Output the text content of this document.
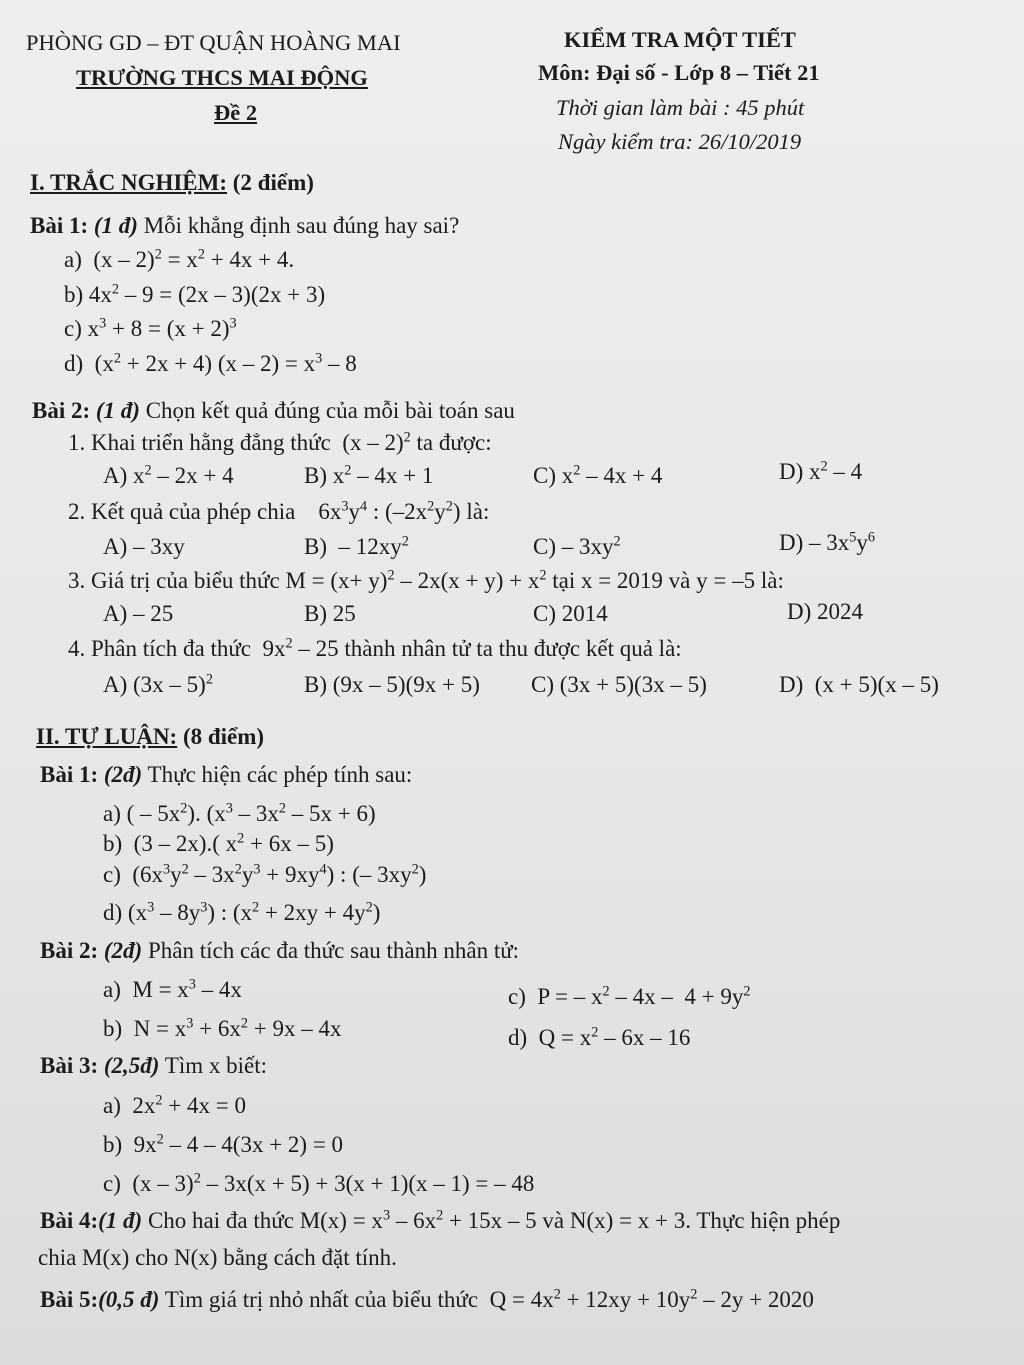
PHÒNG GD – ĐT QUẬN HOÀNG MAI
TRƯỜNG THCS MAI ĐỘNG
Đề 2
KIỂM TRA MỘT TIẾT
Môn: Đại số - Lớp 8 – Tiết 21
Thời gian làm bài : 45 phút
Ngày kiểm tra: 26/10/2019
I. TRẮC NGHIỆM: (2 điểm)
Bài 1: (1 đ) Mỗi khẳng định sau đúng hay sai?
a)  $(x - 2)^2 = x^2 + 4x + 4$.
b) $4x^2 - 9 = (2x - 3)(2x + 3)$
c) $x^3 + 8 = (x + 2)^3$
d)  $(x^2 + 2x + 4)$ $(x - 2) = x^3 - 8$
Bài 2: (1 đ) Chọn kết quả đúng của mỗi bài toán sau
1. Khai triển hằng đẳng thức  (x – 2)$^2$ ta được:
A) $x^2 - 2x + 4$	B) $x^2 - 4x + 1$	C) $x^2 - 4x + 4$	D) $x^2 - 4$
2. Kết quả của phép chia    $6x^3y^4$ : $(-2x^2y^2)$ là:
A) – 3xy	$B) - 12xy^2$	$C) - 3xy^2$	$D) - 3x^5y^6$
3. Giá trị của biểu thức $M = (x+ y)^2 - 2x(x + y) + x^2$ tại x = 2019 và y = –5 là:
A) – 25	B) 25	C) 2014	D) 2024
4. Phân tích đa thức  $9x^2 - 25$ thành nhân tử ta thu được kết quả là:
A) (3x – 5)$^2$	B) (9x – 5)(9x + 5) C) (3x + 5)(3x – 5)	D)  (x + 5)(x – 5)
II. TỰ LUẬN: (8 điểm)
Bài 1: (2đ) Thực hiện các phép tính sau:
a) ( – $5x^2$). $(x^3 - 3x^2 - 5x + 6)$
b)  (3 – 2x).( $x^2 + 6x - 5$)
c)  $(6x^3y^2 - 3x^2y^3 + 9xy^4)$ : (– $3xy^2$)
d) $(x^3 - 8y^3)$ : $(x^2 + 2xy + 4y^2)$
Bài 2: (2đ) Phân tích các đa thức sau thành nhân tử:
a)  $M = x^3 - 4x$
b)  $N = x^3 + 6x^2 + 9x - 4x$
c)  P = – $x^2 - 4x - 4 + 9y^2$
d)  $Q = x^2 - 6x - 16$
Bài 3: (2,5đ) Tìm x biết:
a)  $2x^2 + 4x = 0$
b)  $9x^2 - 4 - 4(3x + 2) = 0$
c)  (x – 3)$^2$ – 3x(x + 5) + 3(x + 1)(x – 1) = – 48
Bài 4:(1 đ) Cho hai đa thức $M(x) = x^3 - 6x^2 + 15x - 5$ và N(x) = x + 3. Thực hiện phép
chia M(x) cho N(x) bằng cách đặt tính.
Bài 5:(0,5 đ) Tìm giá trị nhỏ nhất của biểu thức  $Q = 4x^2 + 12xy + 10y^2 - 2y + 2020$
